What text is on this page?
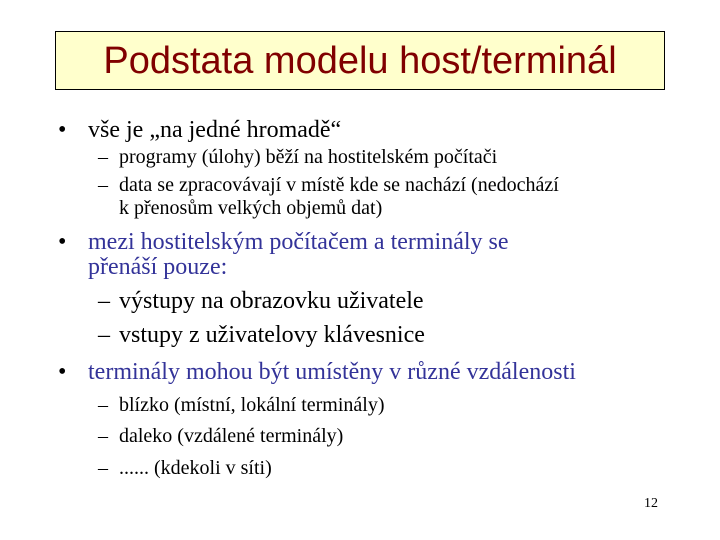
Podstata modelu host/terminál
• vše je „na jedné hromadě“
– programy (úlohy) běží na hostitelském počítači
– data se zpracovávají v místě kde se nachází (nedochází
k přenosům velkých objemů dat)
• mezi hostitelským počítačem a terminály se
přenáší pouze:
– výstupy na obrazovku uživatele
– vstupy z uživatelovy klávesnice
• terminály mohou být umístěny v různé vzdálenosti
– blízko (místní, lokální terminály)
– daleko (vzdálené terminály)
– ...... (kdekoli v síti)
12
